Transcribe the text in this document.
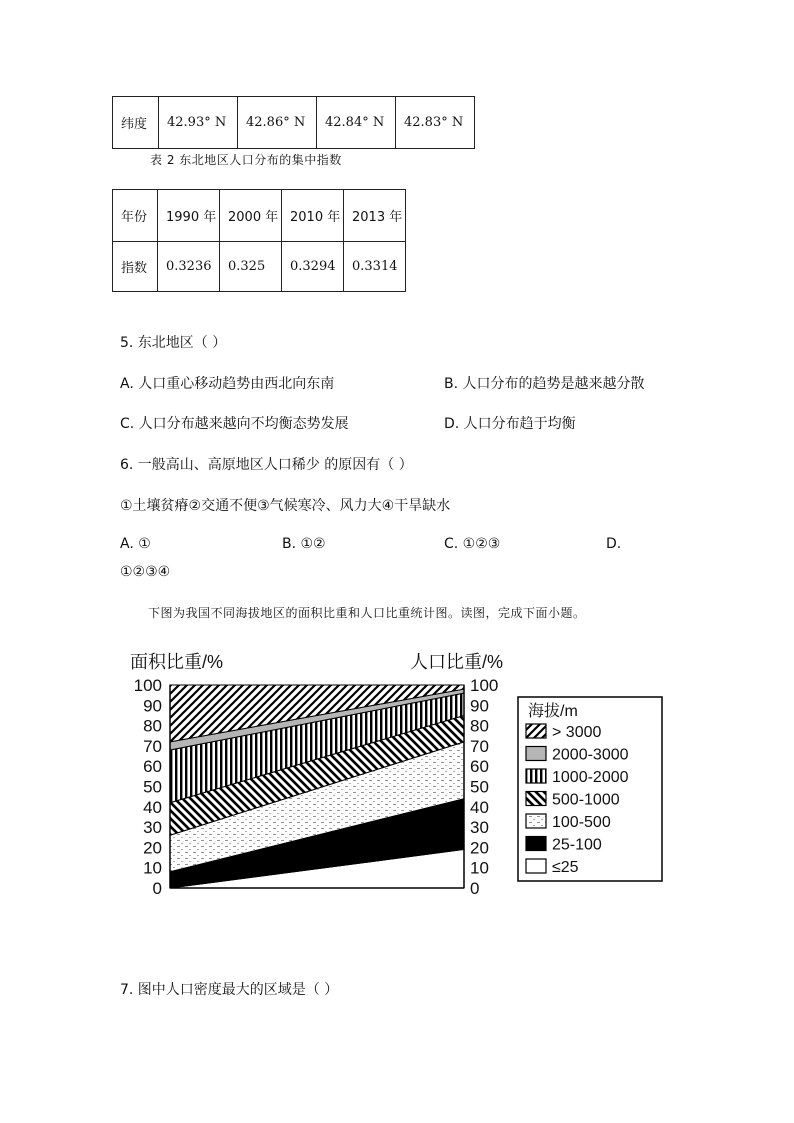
纬度	42.93° N	42.86° N	42.84° N	42.83° N
表 2 东北地区人口分布的集中指数
年份	1990 年	2000 年	2010 年	2013 年
指数	0.3236	0.325	0.3294	0.3314
5. 东北地区（ ）
A. 人口重心移动趋势由西北向东南	B. 人口分布的趋势是越来越分散
C. 人口分布越来越向不均衡态势发展	D. 人口分布趋于均衡
6. 一般高山、高原地区人口稀少 的原因有（ ）
①土壤贫瘠②交通不便③气候寒冷、风力大④干旱缺水
A. ①	B. ①②	C. ①②③	D.
①②③④
下图为我国不同海拔地区的面积比重和人口比重统计图。读图，完成下面小题。
面积比重/%	人口比重/%
100
90
80
70
60
50
40
30
20
10
0
100
90
80
70
60
50
40
30
20
10
0
海拔/m
> 3000
2000-3000
1000-2000
500-1000
100-500
25-100
≤25
7. 图中人口密度最大的区域是（ ）
